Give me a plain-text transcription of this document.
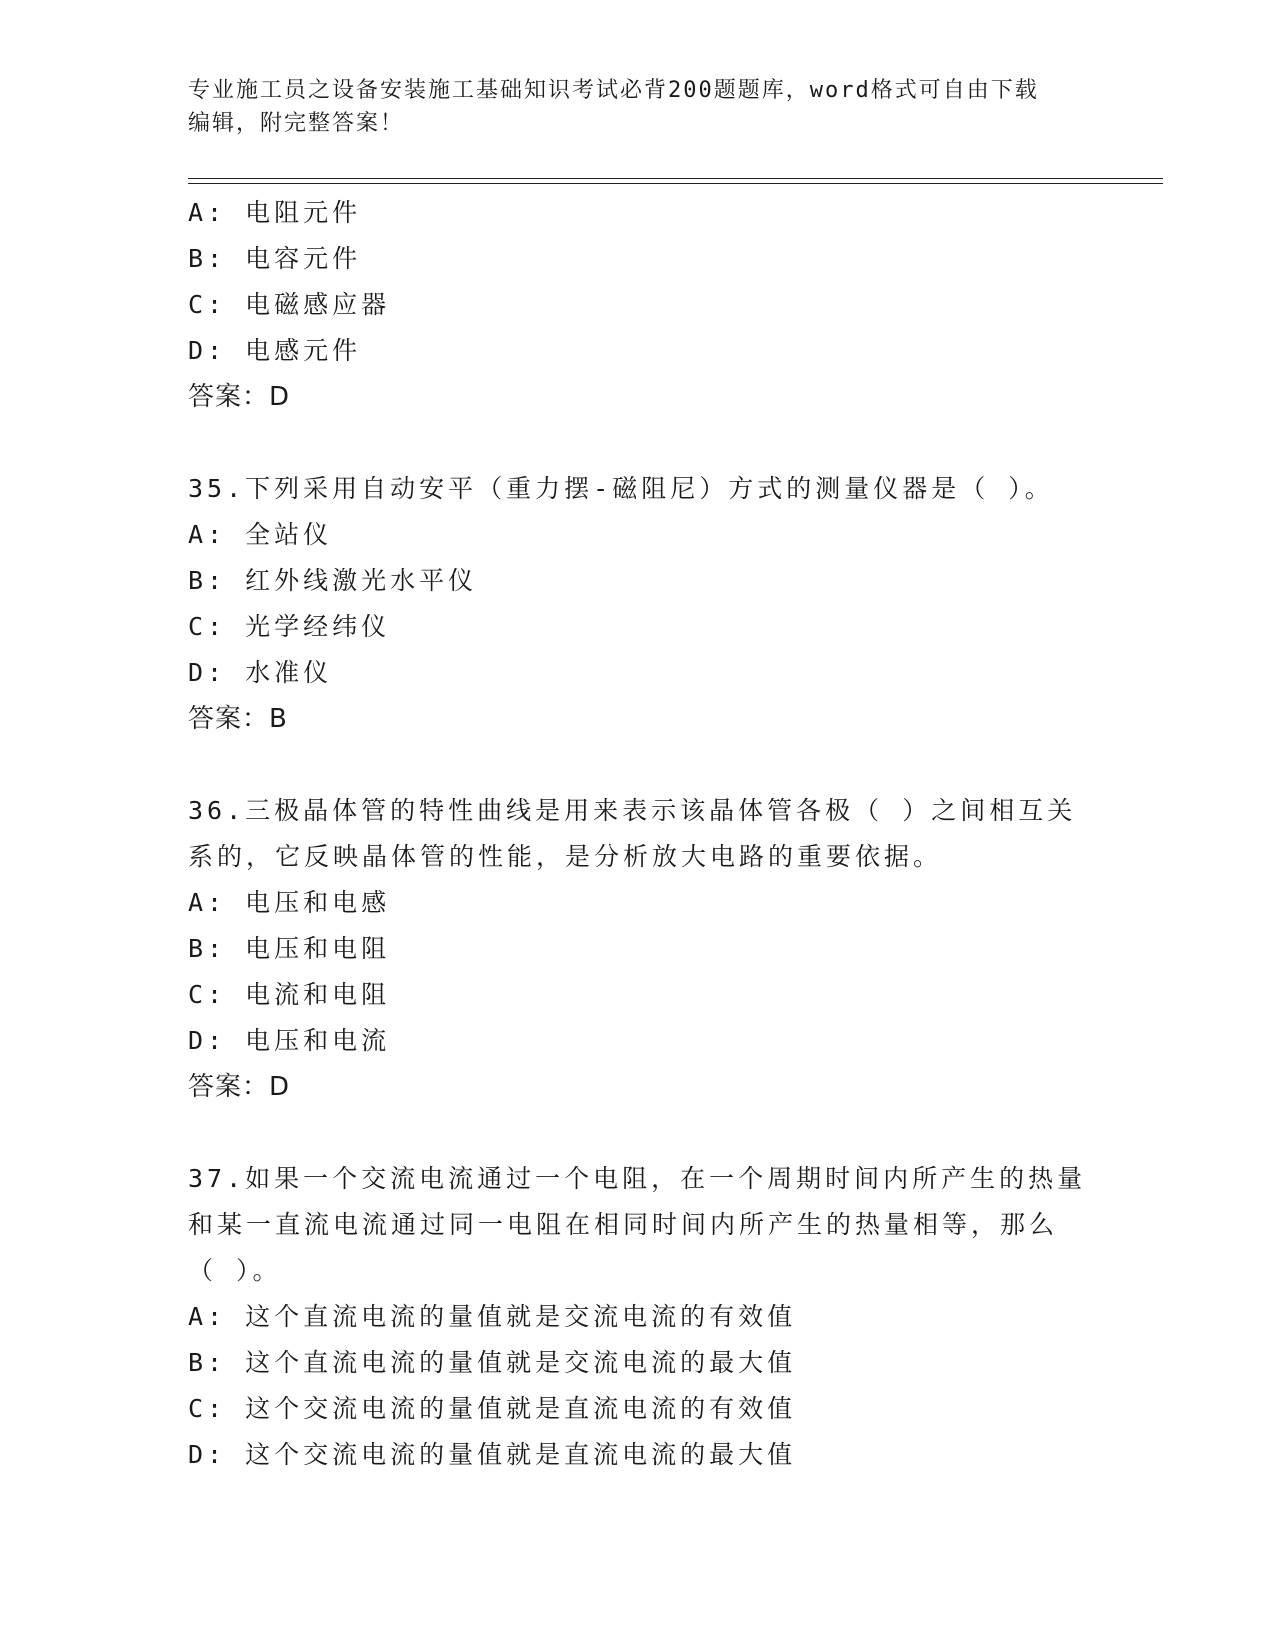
专业施工员之设备安装施工基础知识考试必背200题题库，word格式可自由下载
编辑，附完整答案！

A: 电阻元件

B: 电容元件

C: 电磁感应器

D: 电感元件

答案：D

35.下列采用自动安平（重力摆-磁阻尼）方式的测量仪器是（ ）。

A: 全站仪

B: 红外线激光水平仪

C: 光学经纬仪

D: 水准仪

答案：B

36.三极晶体管的特性曲线是用来表示该晶体管各极（ ）之间相互关

系的，它反映晶体管的性能，是分析放大电路的重要依据。

A: 电压和电感

B: 电压和电阻

C: 电流和电阻

D: 电压和电流

答案：D

37.如果一个交流电流通过一个电阻，在一个周期时间内所产生的热量

和某一直流电流通过同一电阻在相同时间内所产生的热量相等，那么

（ ）。

A: 这个直流电流的量值就是交流电流的有效值

B: 这个直流电流的量值就是交流电流的最大值

C: 这个交流电流的量值就是直流电流的有效值

D: 这个交流电流的量值就是直流电流的最大值
